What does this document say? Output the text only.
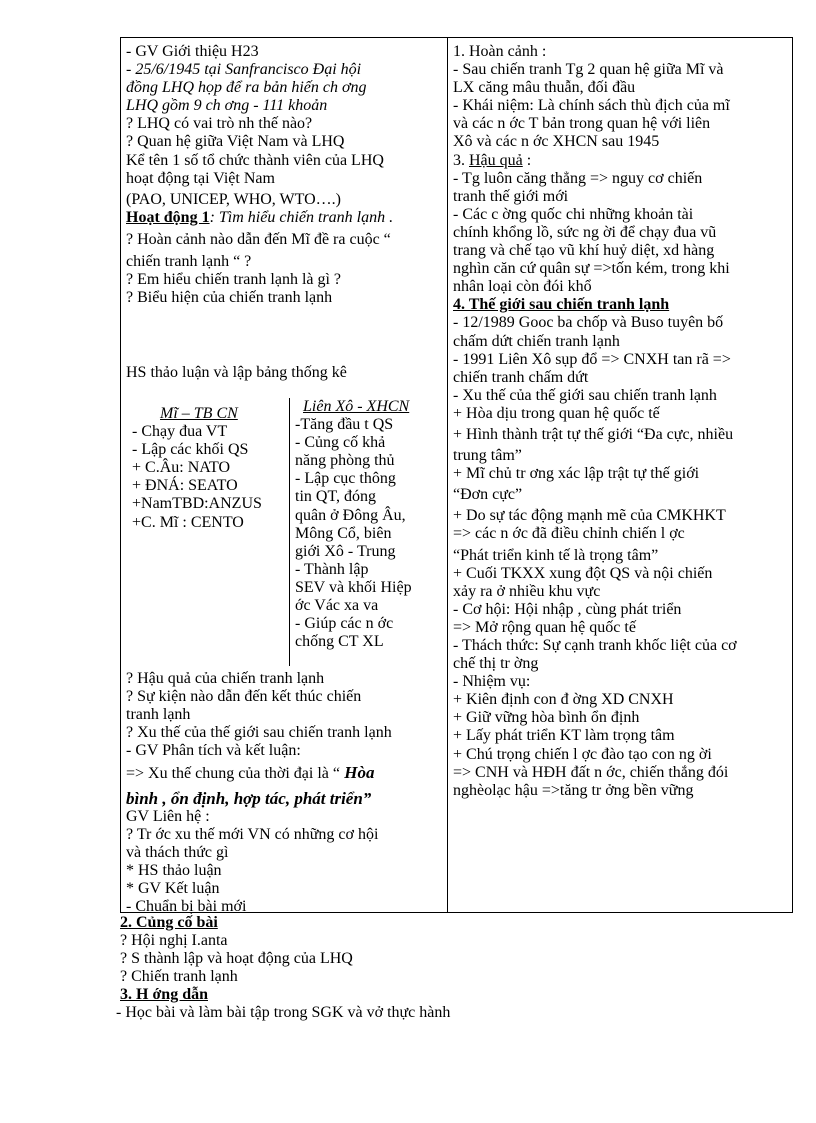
- GV Giới thiệu H23
- 25/6/1945 tại Sanfrancisco Đại hội
đồng LHQ họp để ra bản hiến ch ơng
LHQ gồm 9 ch ơng - 111 khoản
? LHQ có vai trò nh thế nào?
? Quan hệ giữa Việt Nam và LHQ
Kể tên 1 số tổ chức thành viên của LHQ
hoạt động tại Việt Nam
(PAO, UNICEP, WHO, WTO….)
Hoạt động 1: Tìm hiểu chiến tranh lạnh .
? Hoàn cảnh nào dẫn đến Mĩ đề ra cuộc “
chiến tranh lạnh “ ?
? Em hiểu chiến tranh lạnh là gì ?
? Biểu hiện của chiến tranh lạnh
HS thảo luận và lập bảng thống kê
Mĩ – TB CN
- Chạy đua VT
- Lập các khối QS
+ C.Âu: NATO
+ ĐNÁ: SEATO
+NamTBD:ANZUS
+C. Mĩ : CENTO
Liên Xô - XHCN
-Tăng đầu t QS
- Củng cố khả
năng phòng thủ
- Lập cục thông
tin QT, đóng
quân ở Đông Âu,
Mông Cổ, biên
giới Xô - Trung
- Thành lập
SEV và khối Hiệp
ớc Vác xa va
- Giúp các n ớc
chống CT XL
? Hậu quả của chiến tranh lạnh
? Sự kiện nào dẫn đến kết thúc chiến
tranh lạnh
? Xu thế của thế giới sau chiến tranh lạnh
- GV Phân tích và kết luận:
=> Xu thế chung của thời đại là “ Hòa
bình , ổn định, hợp tác, phát triển”
GV Liên hệ :
? Tr ớc xu thế mới VN có những cơ hội
và thách thức gì
* HS thảo luận
* GV Kết luận
- Chuẩn bị bài mới
1. Hoàn cảnh :
- Sau chiến tranh Tg 2 quan hệ giữa Mĩ và
LX căng mâu thuẫn, đối đầu
- Khái niệm: Là chính sách thù địch của mĩ
và các n ớc T bản trong quan hệ với liên
Xô và các n ớc XHCN sau 1945
3. Hậu quả :
- Tg luôn căng thẳng => nguy cơ chiến
tranh thế giới mới
- Các c ờng quốc chi những khoản tài
chính khổng lồ, sức ng ời để chạy đua vũ
trang và chế tạo vũ khí huỷ diệt, xd hàng
nghìn căn cứ quân sự =>tốn kém, trong khi
nhân loại còn đói khổ
4. Thế giới sau chiến tranh lạnh
- 12/1989 Gooc ba chốp và Buso tuyên bố
chấm dứt chiến tranh lạnh
- 1991 Liên Xô sụp đổ => CNXH tan rã =>
chiến tranh chấm dứt
- Xu thế của thế giới sau chiến tranh lạnh
+ Hòa dịu trong quan hệ quốc tế
+ Hình thành trật tự thế giới “Đa cực, nhiều
trung tâm”
+ Mĩ chủ tr ơng xác lập trật tự thế giới
“Đơn cực”
+ Do sự tác động mạnh mẽ của CMKHKT
=> các n ớc đã điều chỉnh chiến l ợc
“Phát triển kinh tế là trọng tâm”
+ Cuối TKXX xung đột QS và nội chiến
xảy ra ở nhiều khu vực
- Cơ hội: Hội nhập , cùng phát triển
=> Mở rộng quan hệ quốc tế
- Thách thức: Sự cạnh tranh khốc liệt của cơ
chế thị tr ờng
- Nhiệm vụ:
+ Kiên định con đ ờng XD CNXH
+ Giữ vững hòa bình ổn định
+ Lấy phát triển KT làm trọng tâm
+ Chú trọng chiến l ợc đào tạo con ng ời
=> CNH và HĐH đất n ớc, chiến thắng đói
nghèolạc hậu =>tăng tr ởng bền vững
2. Củng cố bài
? Hội nghị I.anta
? S thành lập và hoạt động của LHQ
? Chiến tranh lạnh
3. H ớng dẫn
- Học bài và làm bài tập trong SGK và vở thực hành
